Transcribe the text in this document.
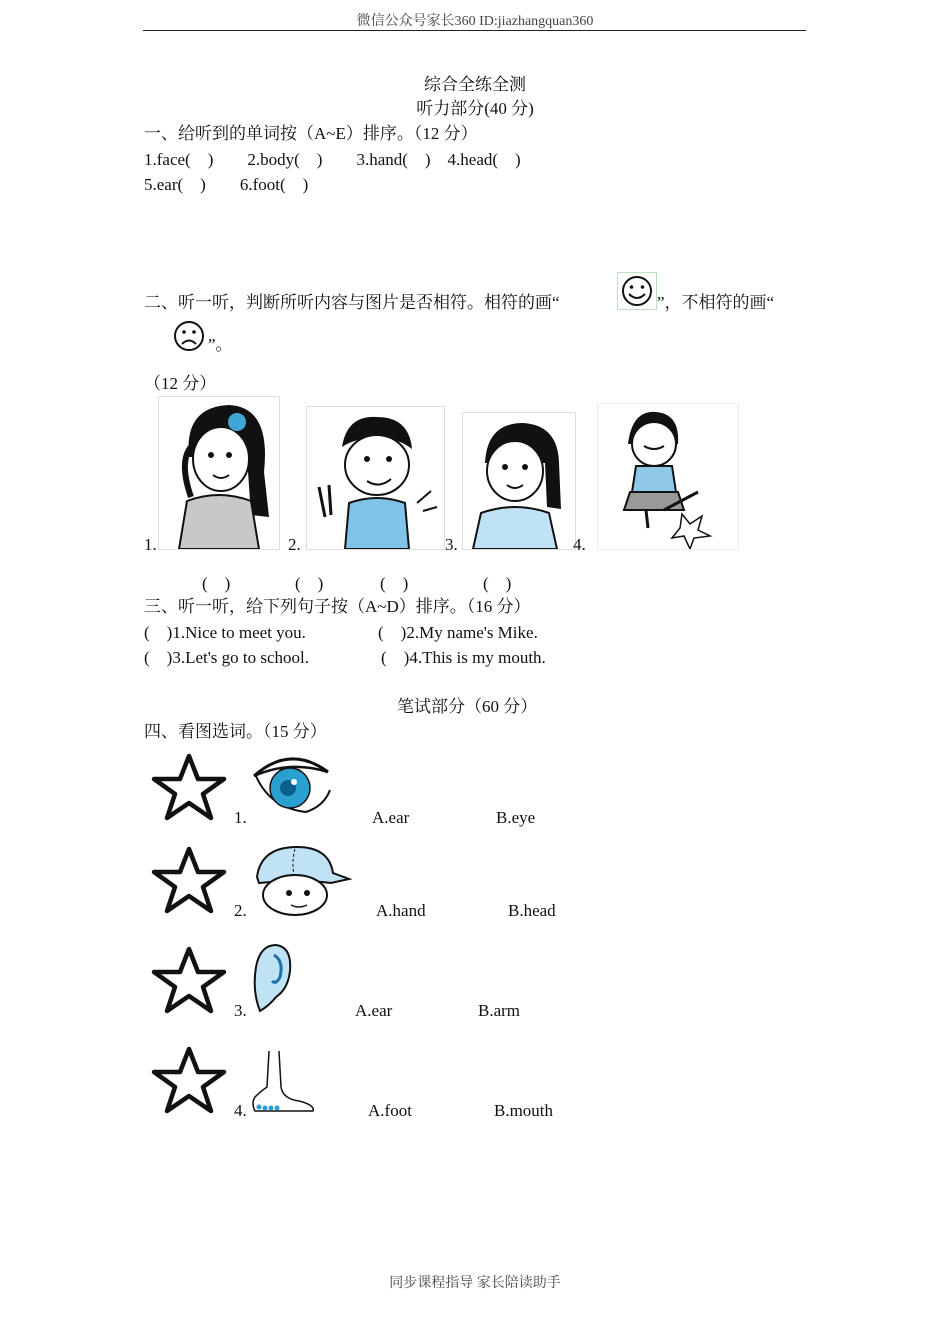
微信公众号家长360 ID:jiazhangquan360
综合全练全测
听力部分(40 分)
一、给听到的单词按（A~E）排序。（12 分）
1.face(　)　　2.body(　)　　3.hand(　)　4.head(　)
5.ear(　)　　6.foot(　)
二、听一听，判断所听内容与图片是否相符。相符的画“	”，不相符的画“
”。
（12 分）
1.	2.	3.	4.
(　)	(　)	(　)	(　)
三、听一听，给下列句子按（A~D）排序。（16 分）
(　)1.Nice to meet you.	(　)2.My name's Mike.
(　)3.Let's go to school.	(　)4.This is my mouth.
笔试部分（60 分）
四、看图选词。（15 分）
1.	A.ear	B.eye
2.	A.hand	B.head
3.	A.ear	B.arm
4.	A.foot	B.mouth
同步课程指导 家长陪读助手
